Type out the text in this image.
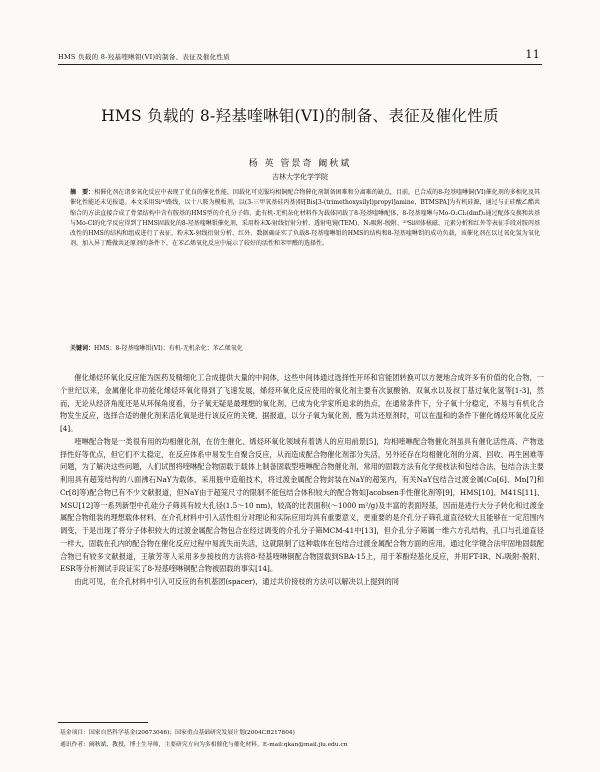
HMS 负载的 8-羟基喹啉钼(VI)的制备、表征及催化性质	11
HMS 负载的 8-羟基喹啉钼(VI)的制备、表征及催化性质
杨 英 管景奇 阚秋斌
吉林大学化学学院
摘　要：相催化剂在诸多氧化反应中表现了优良的催化性能，因载化可克服均相铜配合物催化剂制备困难和分离难的缺点，目前，已合成的8-羟基喹啉铜(VI)催化剂的多相化及其催化性能还未见报道。本文采用Si⁽⁴⁾路线，以十八胺为模板剂，以(3-三甲氧基硅丙基)胺[Bis[3-(trimethoxysilyl)propyl]amine，BTMSPA]为有机硅源，通过与正硅酸乙酯共缩合的方法直接合成了骨架结构中含有胺基的HMS型的介孔分子筛，此有机-无机杂化材料作为载体同载了8-羟基喹啉配体，8-羟基喹啉与Mo-O₂Cl₂(dmf)₂通过配体交换和共基与Mo-Cl的化学反应得到了HMS固载化的8-羟基喹啉钼催化剂，采用粉末X-射线衍射分析、透射电镜(TEM)、N₂吸附-脱附、²⁹Si固体核磁、元素分析和红外等表征手段对胺丙基改性的HMS的结构和组成进行了表征，粉末X-射线衍射分析、红外、数据确证实了负载8-羟基喹啉钼的HMS的结构和8-羟基喹啉钼的成功负载，该催化剂在以过氧化氢为氧化剂，加入异丁醛做共还原剂的条件下，在苯乙烯氧化反应中展示了较好的活性和苯甲醛的选择性。
关键词：HMS；8-羟基喹啉钼(VI)；有机-无机杂化；苯乙烯氧化

催化烯烃环氧化反应能为医药及精细化工合成提供大量的中间体，这些中间体通过选择性开环和官能团转换可以方便地合成许多有价值的化合物，一个世纪以来，金属催化非功能化烯烃环氧化得到了飞速发展，烯烃环氧化反应使用的氧化剂主要有次氯酸钠、双氧水以及叔丁基过氧化氢等[1-3]，然而，无论从经济角度还是从环保角度看，分子氧无疑是最理想的氧化剂，已成为化学家所追求的热点，在通常条件下，分子氧十分稳定，不易与有机化合物发生反应，选择合适的催化剂来活化氧是进行该反应的关键，据报道，以分子氧为氧化剂，醛为共还原剂时，可以在温和的条件下催化烯烃环氧化反应[4]。

喹啉配合物是一类很有用的均相催化剂，在仿生催化、烯烃环氧化领域有着诱人的应用前景[5]，均相喹啉配合物催化剂虽具有催化活性高、产物选择性好等优点，但它们不太稳定，在反应体系中易发生自聚合反应，从而造成配合物催化剂部分失活，另外还存在均相催化剂的分离、回收、再生困难等问题，为了解决这些问题，人们试图将喹啉配合物固载于载体上制备固载型喹啉配合物催化剂，常用的固载方法有化学接枝法和包结合法，包结合法主要利用具有超笼结构的八面沸石NaY为载体，采用瓶中造船技术，将过渡金属配合物封装在NaY的超笼内，有关NaY包结合过渡金属(Co[6]、Mn[7]和Cr[8]等)配合物已有不少文献报道，但NaY由于超笼尺寸的限制不能包结合体积较大的配合物如Jacobsen手性催化剂等[9]，HMS[10]、M41S[11]、MSU[12]等一系列新型中孔硅分子筛具有较大孔径(1.5～10 nm)，较高的比表面积(～1000 m²/g)及丰富的表面羟基，因而是进行大分子转化和过渡金属配合物组装的理想载体材料，在介孔材料中引入活性组分对理论和实际应用均具有重要意义，更重要的是介孔分子筛孔道直径较大且能够在一定范围内调变，于是出现了将分子体积较大的过渡金属配合物包合在经过调变的介孔分子筛MCM-41中[13]，但介孔分子筛属一维六方孔结构，孔口与孔道直径一样大，固载在孔内的配合物在催化反应过程中易流失而失活，这就限制了这种载体在包结合过渡金属配合物方面的应用，通过化学键合法牢固地固载配合物已有较多文献报道，王敏芳等人采用多步接枝的方法将8-羟基喹啉铜配合物固载到SBA-15上，用于苯酚羟基化反应，并用FT-IR、N₂吸附-脱附、ESR等分析测试手段证实了8-羟基喹啉铜配合物被固载的事实[14]。

由此可见，在介孔材料中引入可反应的有机基团(spacer)，通过共价接枝的方法可以解决以上提到的同

基金项目：国家自然科学基金(20673046)；国家重点基础研究发展计划(2004CB217804)
通讯作者：阚秋斌，教授，博士生导师，主要研究方向为多相催化与催化材料，E-mail:qkan@mail.jlu.edu.cn
